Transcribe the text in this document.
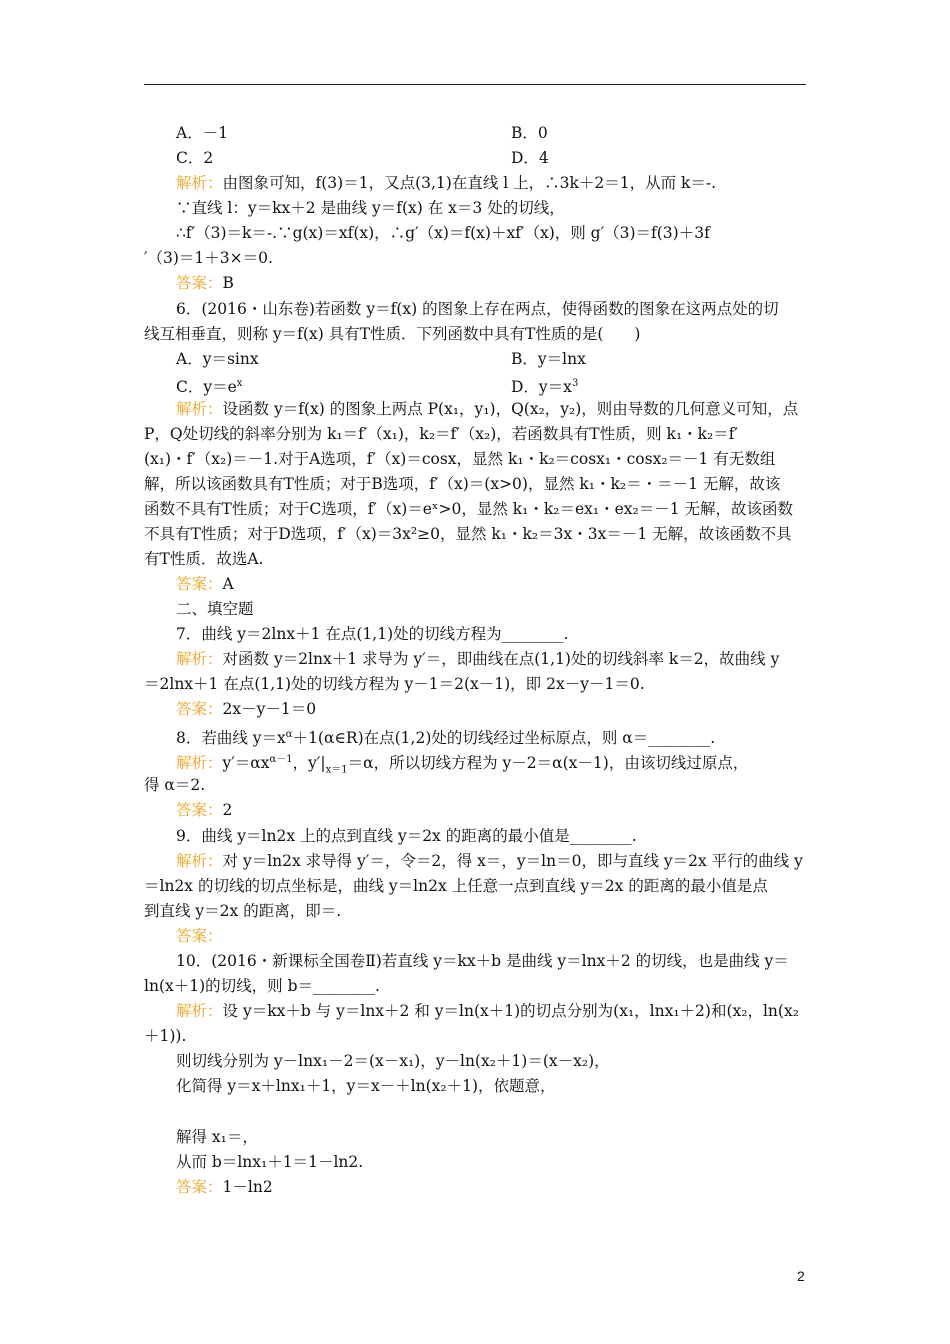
A．－1	B．0
C．2	D．4
解析：由图象可知，f(3)＝1，又点(3,1)在直线 l 上，∴3k＋2＝1，从而 k＝-.
∵直线 l：y＝kx＋2 是曲线 y＝f(x) 在 x＝3 处的切线，
∴f′（3)＝k＝-.∵g(x)＝xf(x)，∴g′（x)＝f(x)＋xf′（x)，则 g′（3)＝f(3)＋3f
′（3)＝1＋3×＝0.
答案：B
6．(2016・山东卷)若函数 y＝f(x) 的图象上存在两点，使得函数的图象在这两点处的切
线互相垂直，则称 y＝f(x) 具有T性质．下列函数中具有T性质的是(　　)
A．y＝sinx	B．y＝lnx
C．$y=e^x$	D．$y=x^3$
解析：设函数 y＝f(x) 的图象上两点 P(x₁，y₁)，Q(x₂，y₂)，则由导数的几何意义可知，点
P，Q处切线的斜率分别为 k₁＝f′（x₁)，k₂＝f′（x₂)，若函数具有T性质，则 k₁・k₂＝f′
(x₁)・f′（x₂)＝－1.对于A选项，f′（x)＝cosx，显然 k₁・k₂＝cosx₁・cosx₂＝－1 有无数组
解，所以该函数具有T性质；对于B选项，f′（x)＝(x>0)，显然 k₁・k₂＝・＝－1 无解，故该
函数不具有T性质；对于C选项，f′（x)＝eˣ>0，显然 k₁・k₂＝ex₁・ex₂＝－1 无解，故该函数
不具有T性质；对于D选项，f′（x)＝3x²≥0，显然 k₁・k₂＝3x・3x＝－1 无解，故该函数不具
有T性质．故选A.
答案：A
二、填空题
7．曲线 y＝2lnx＋1 在点(1,1)处的切线方程为________.
解析：对函数 y＝2lnx＋1 求导为 y′＝，即曲线在点(1,1)处的切线斜率 k＝2，故曲线 y
＝2lnx＋1 在点(1,1)处的切线方程为 y－1＝2(x－1)，即 2x－y－1＝0.
答案：2x－y－1＝0
8．若曲线 $y=x^\alpha+1(\alpha\in R)$在点(1,2)处的切线经过坐标原点，则 α＝________.
解析：$y'=\alpha x^{\alpha-1}$，$y'|_{x=1}=\alpha$，所以切线方程为 y－2＝α(x－1)，由该切线过原点，
得 α＝2.
答案：2
9．曲线 y＝ln2x 上的点到直线 y＝2x 的距离的最小值是________.
解析：对 y＝ln2x 求导得 y′＝，令＝2，得 x＝，y＝ln＝0，即与直线 y＝2x 平行的曲线 y
＝ln2x 的切线的切点坐标是，曲线 y＝ln2x 上任意一点到直线 y＝2x 的距离的最小值是点
到直线 y＝2x 的距离，即＝.
答案：
10．(2016・新课标全国卷Ⅱ)若直线 y＝kx＋b 是曲线 y＝lnx＋2 的切线，也是曲线 y＝
ln(x＋1)的切线，则 b＝________.
解析：设 y＝kx＋b 与 y＝lnx＋2 和 y＝ln(x＋1)的切点分别为(x₁，lnx₁＋2)和(x₂，ln(x₂
＋1)).
则切线分别为 y－lnx₁－2＝(x－x₁)，y－ln(x₂＋1)＝(x－x₂)，
化简得 y＝x＋lnx₁＋1，y＝x－＋ln(x₂＋1)，依题意，
解得 x₁＝，
从而 b＝lnx₁＋1＝1－ln2.
答案：1－ln2
2
